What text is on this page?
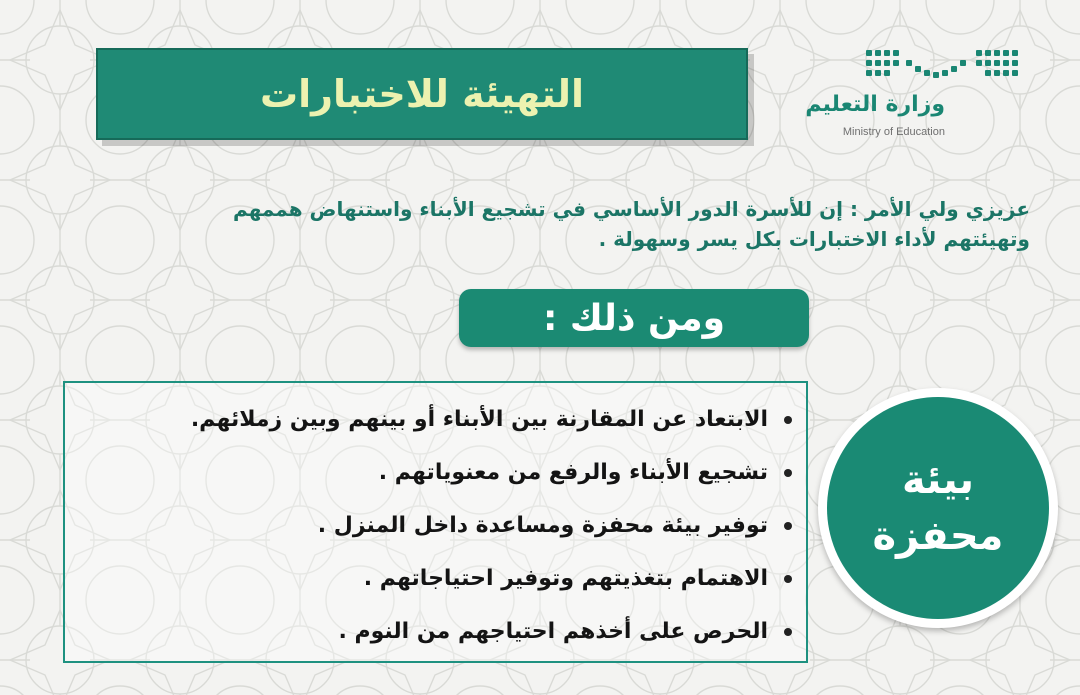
التهيئة للاختبارات	وزارة التعليم
Ministry of Education
عزيزي ولي الأمر : إن للأسرة الدور الأساسي في تشجيع الأبناء واستنهاض هممهم
وتهيئتهم لأداء الاختبارات بكل يسر وسهولة .
ومن ذلك :
الابتعاد عن المقارنة بين الأبناء أو بينهم وبين زملائهم.
تشجيع الأبناء والرفع من معنوياتهم .
توفير بيئة محفزة ومساعدة داخل المنزل .
الاهتمام بتغذيتهم وتوفير احتياجاتهم .
الحرص على أخذهم احتياجهم من النوم .
بيئة
محفزة
